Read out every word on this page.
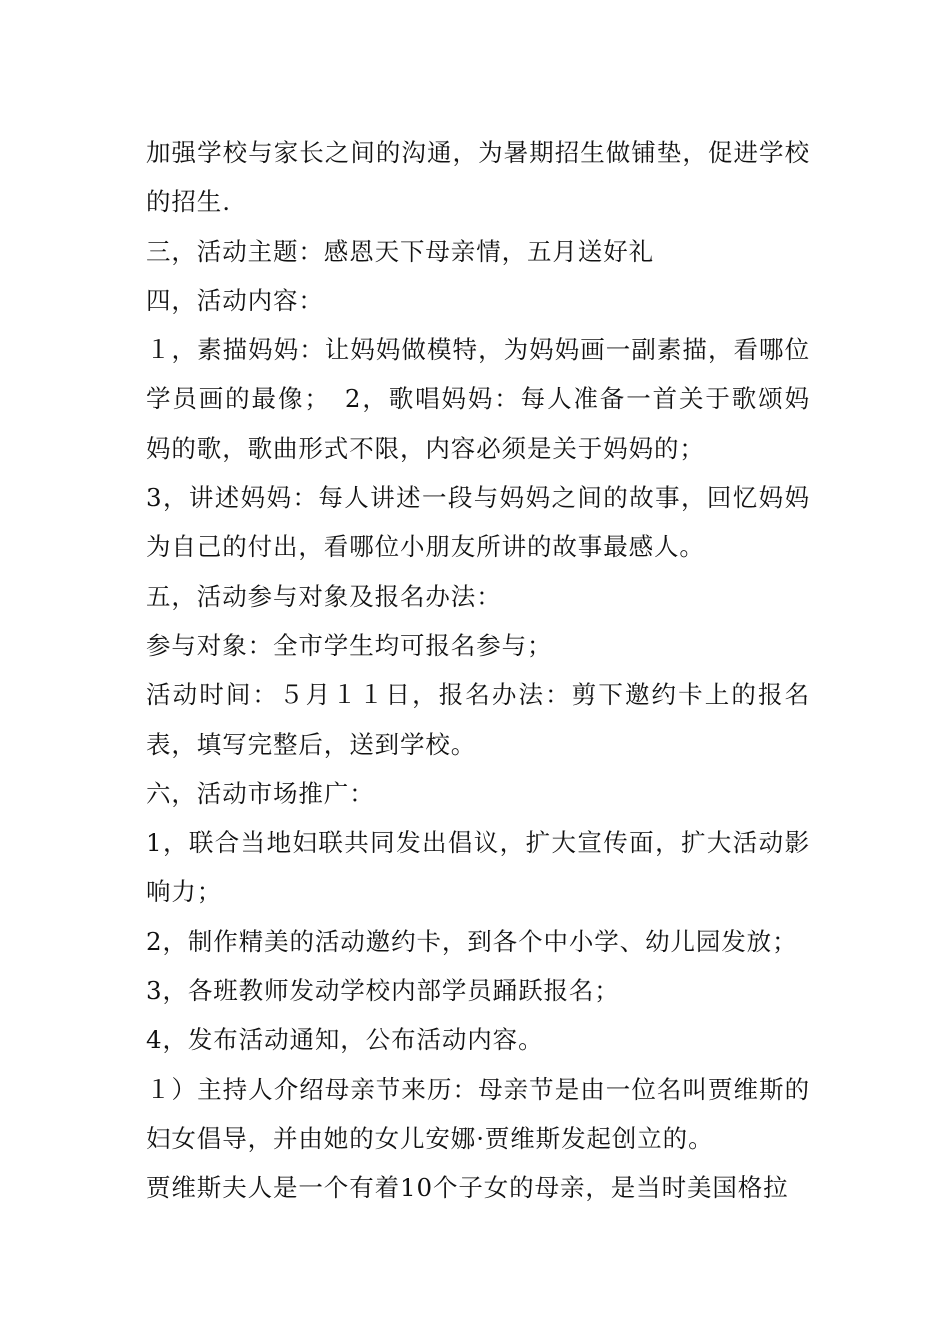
加强学校与家长之间的沟通，为暑期招生做铺垫，促进学校的招生.

三，活动主题：感恩天下母亲情，五月送好礼

四，活动内容：

１，素描妈妈：让妈妈做模特，为妈妈画一副素描，看哪位学员画的最像；　2，歌唱妈妈：每人准备一首关于歌颂妈妈的歌，歌曲形式不限，内容必须是关于妈妈的；

3，讲述妈妈：每人讲述一段与妈妈之间的故事，回忆妈妈为自己的付出，看哪位小朋友所讲的故事最感人。

五，活动参与对象及报名办法：

参与对象：全市学生均可报名参与；

活动时间：５月１１日，报名办法：剪下邀约卡上的报名表，填写完整后，送到学校。

六，活动市场推广：

1，联合当地妇联共同发出倡议，扩大宣传面，扩大活动影响力；

2，制作精美的活动邀约卡，到各个中小学、幼儿园发放；

3，各班教师发动学校内部学员踊跃报名；

4，发布活动通知，公布活动内容。

１）主持人介绍母亲节来历：母亲节是由一位名叫贾维斯的妇女倡导，并由她的女儿安娜·贾维斯发起创立的。

贾维斯夫人是一个有着10个子女的母亲，是当时美国格拉
